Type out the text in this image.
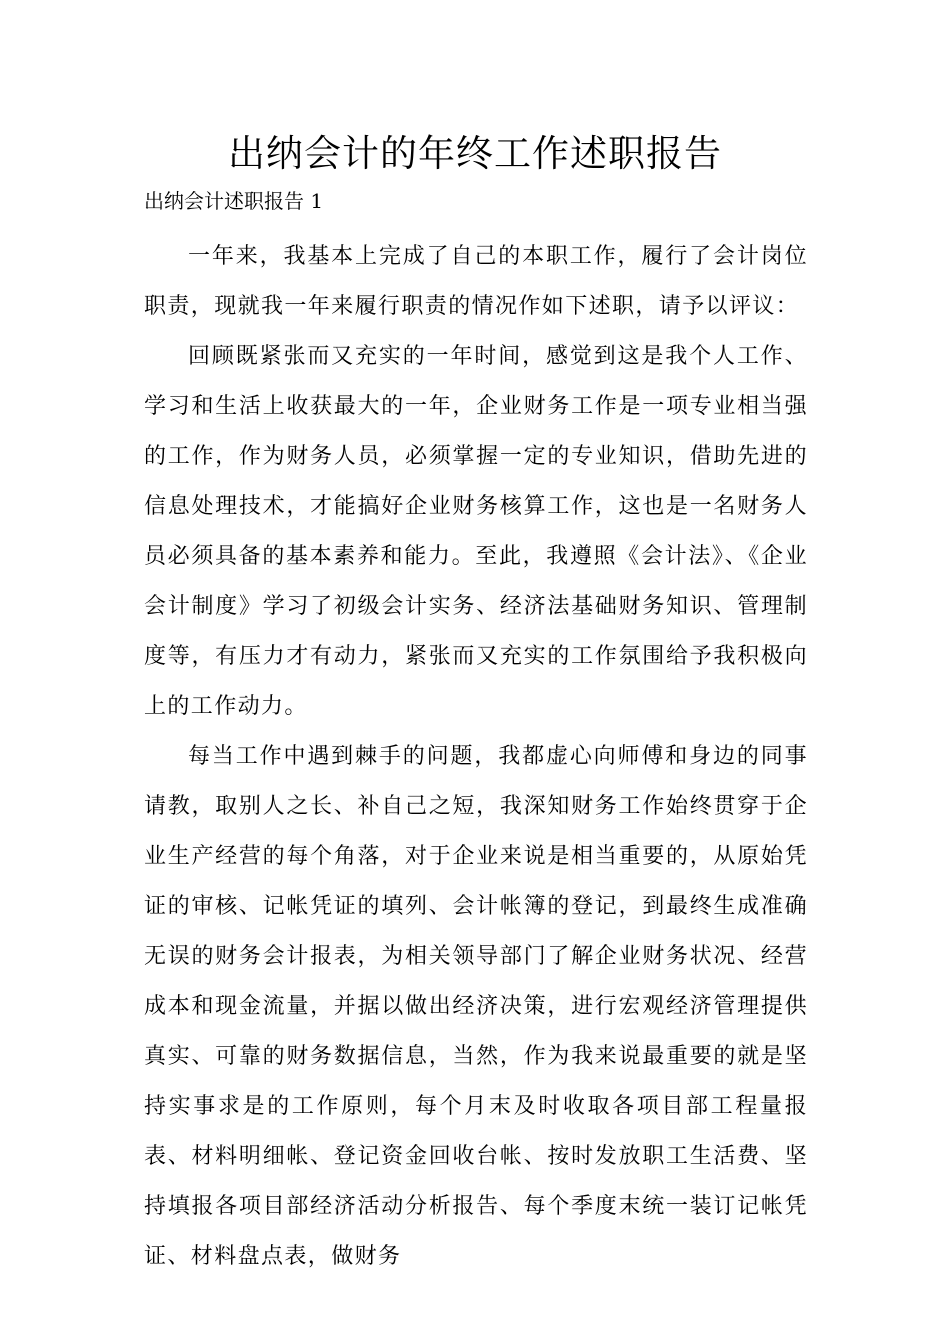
出纳会计的年终工作述职报告

出纳会计述职报告 1

一年来，我基本上完成了自己的本职工作，履行了会计岗位职责，现就我一年来履行职责的情况作如下述职，请予以评议：

回顾既紧张而又充实的一年时间，感觉到这是我个人工作、学习和生活上收获最大的一年，企业财务工作是一项专业相当强的工作，作为财务人员，必须掌握一定的专业知识，借助先进的信息处理技术，才能搞好企业财务核算工作，这也是一名财务人员必须具备的基本素养和能力。至此，我遵照《会计法》、《企业会计制度》学习了初级会计实务、经济法基础财务知识、管理制度等，有压力才有动力，紧张而又充实的工作氛围给予我积极向上的工作动力。

每当工作中遇到棘手的问题，我都虚心向师傅和身边的同事请教，取别人之长、补自己之短，我深知财务工作始终贯穿于企业生产经营的每个角落，对于企业来说是相当重要的，从原始凭证的审核、记帐凭证的填列、会计帐簿的登记，到最终生成准确无误的财务会计报表，为相关领导部门了解企业财务状况、经营成本和现金流量，并据以做出经济决策，进行宏观经济管理提供真实、可靠的财务数据信息，当然，作为我来说最重要的就是坚持实事求是的工作原则，每个月末及时收取各项目部工程量报表、材料明细帐、登记资金回收台帐、按时发放职工生活费、坚持填报各项目部经济活动分析报告、每个季度末统一装订记帐凭证、材料盘点表，做财务
